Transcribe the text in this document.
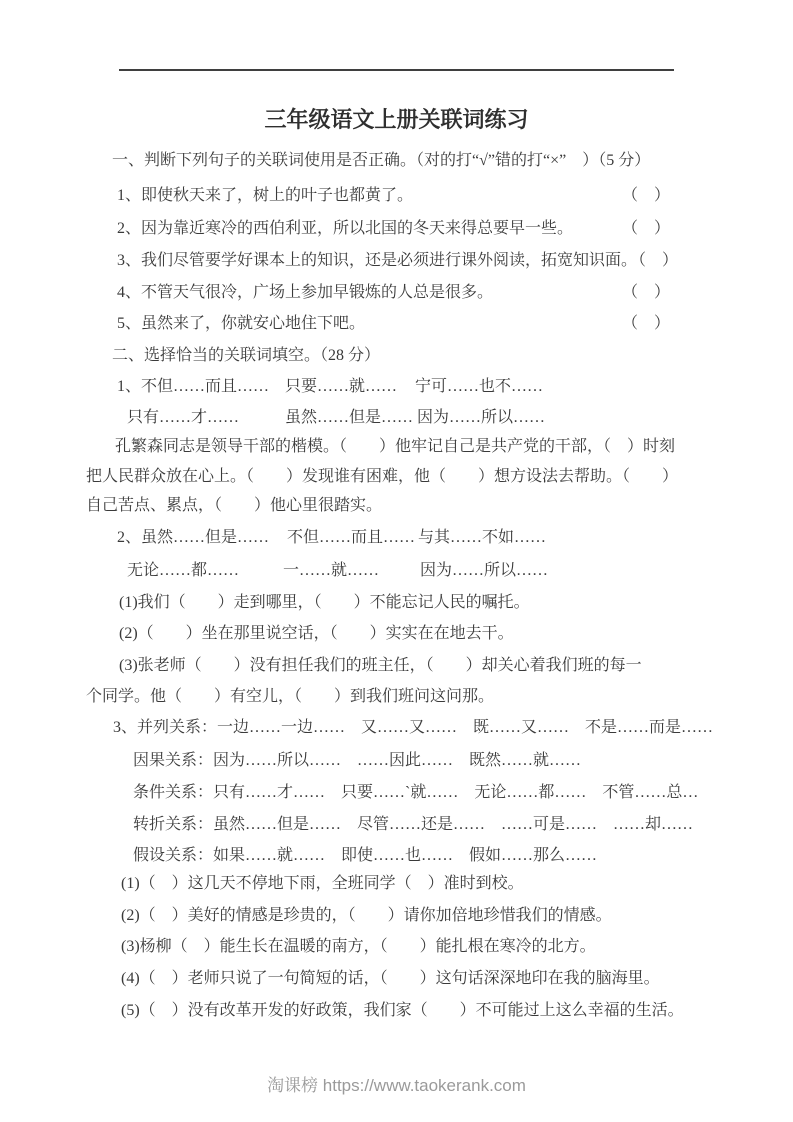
三年级语文上册关联词练习

一、判断下列句子的关联词使用是否正确。（对的打“√”错的打“×”　）（5 分）

1、即使秋天来了，树上的叶子也都黄了。

	（　）

2、因为靠近寒冷的西伯利亚，所以北国的冬天来得总要早一些。

	（　）

3、我们尽管要学好课本上的知识，还是必须进行课外阅读，拓宽知识面。

（　）

4、不管天气很冷，广场上参加早锻炼的人总是很多。

	（　）

5、虽然来了，你就安心地住下吧。

	（　）

二、选择恰当的关联词填空。（28 分）

1、不但……而且……

只要……就……

宁可……也不……

只有……才……

	虽然……但是……

因为……所以……

孔繁森同志是领导干部的楷模。（　　）他牢记自己是共产党的干部，（　）时刻

把人民群众放在心上。（　　）发现谁有困难，他（　　）想方设法去帮助。（　　）

自己苦点、累点，（　　）他心里很踏实。

2、虽然……但是……

不但……而且……

与其……不如……

无论……都……

	一……就……

	因为……所以……

(1)我们（　　）走到哪里，（　　）不能忘记人民的嘱托。

(2)（　　）坐在那里说空话，（　　）实实在在地去干。

(3)张老师（　　）没有担任我们的班主任，（　　）却关心着我们班的每一

个同学。他（　　）有空儿，（　　）到我们班问这问那。

3、并列关系：一边……一边……　又……又……　既……又……　不是……而是……

因果关系：因为……所以……　……因此……　既然……就……

条件关系：只有……才……　只要……`就……　无论……都……　不管……总…

转折关系：虽然……但是……　尽管……还是……　……可是……　……却……

假设关系：如果……就……　即使……也……　假如……那么……

(1)（　）这几天不停地下雨，全班同学（　）准时到校。

(2)（　）美好的情感是珍贵的，（　　）请你加倍地珍惜我们的情感。

(3)杨柳（　）能生长在温暖的南方，（　　）能扎根在寒冷的北方。

(4)（　）老师只说了一句简短的话，（　　）这句话深深地印在我的脑海里。

(5)（　）没有改革开发的好政策，我们家（　　）不可能过上这么幸福的生活。

淘课榜 https://www.taokerank.com
